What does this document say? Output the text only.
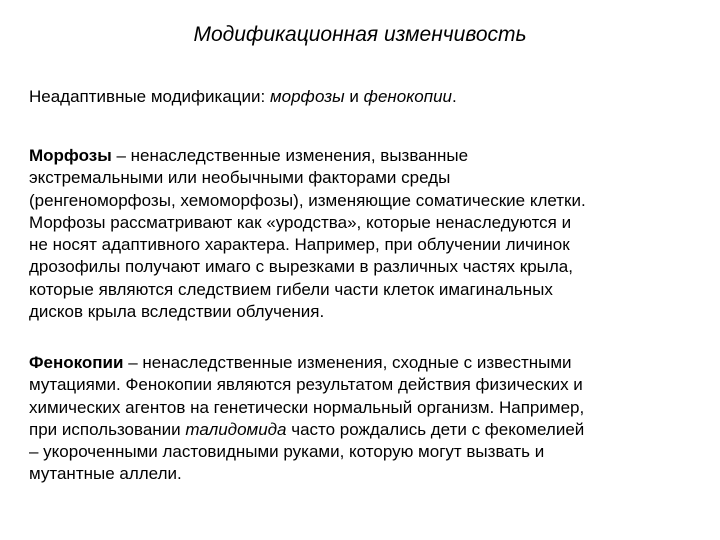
Модификационная изменчивость
Неадаптивные модификации: морфозы и фенокопии.
Морфозы – ненаследственные изменения, вызванные
экстремальными или необычными факторами среды
(ренгеноморфозы, хемоморфозы), изменяющие соматические клетки.
Морфозы рассматривают как «уродства», которые ненаследуются и
не носят адаптивного характера. Например, при облучении личинок
дрозофилы получают имаго с вырезками в различных частях крыла,
которые являются следствием гибели части клеток имагинальных
дисков крыла вследствии облучения.
Фенокопии – ненаследственные изменения, сходные с известными
мутациями. Фенокопии являются результатом действия физических и
химических агентов на генетически нормальный организм. Например,
при использовании талидомида часто рождались дети с фекомелией
– укороченными ластовидными руками, которую могут вызвать и
мутантные аллели.
